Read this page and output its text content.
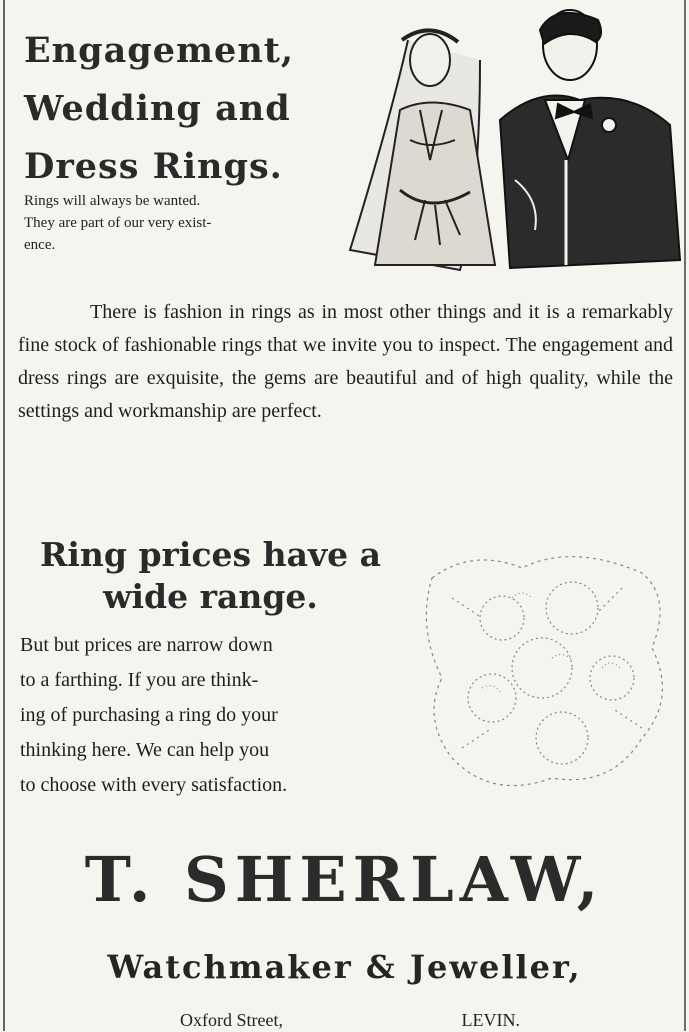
Engagement,
Wedding and
Dress Rings.
Rings will always be wanted.
They are part of our very exist-
ence.
There is fashion in rings as in most other things and it is a remarkably fine stock of fashionable rings that we invite you to inspect. The engagement and dress rings are exquisite, the gems are beautiful and of high quality, while the settings and workmanship are perfect.
Ring prices have a
wide range.
But but prices are narrow down
to a farthing. If you are think-
ing of purchasing a ring do your
thinking here. We can help you
to choose with every satisfaction.
T. SHERLAW,
Watchmaker & Jeweller,
Oxford Street,	LEVIN.
